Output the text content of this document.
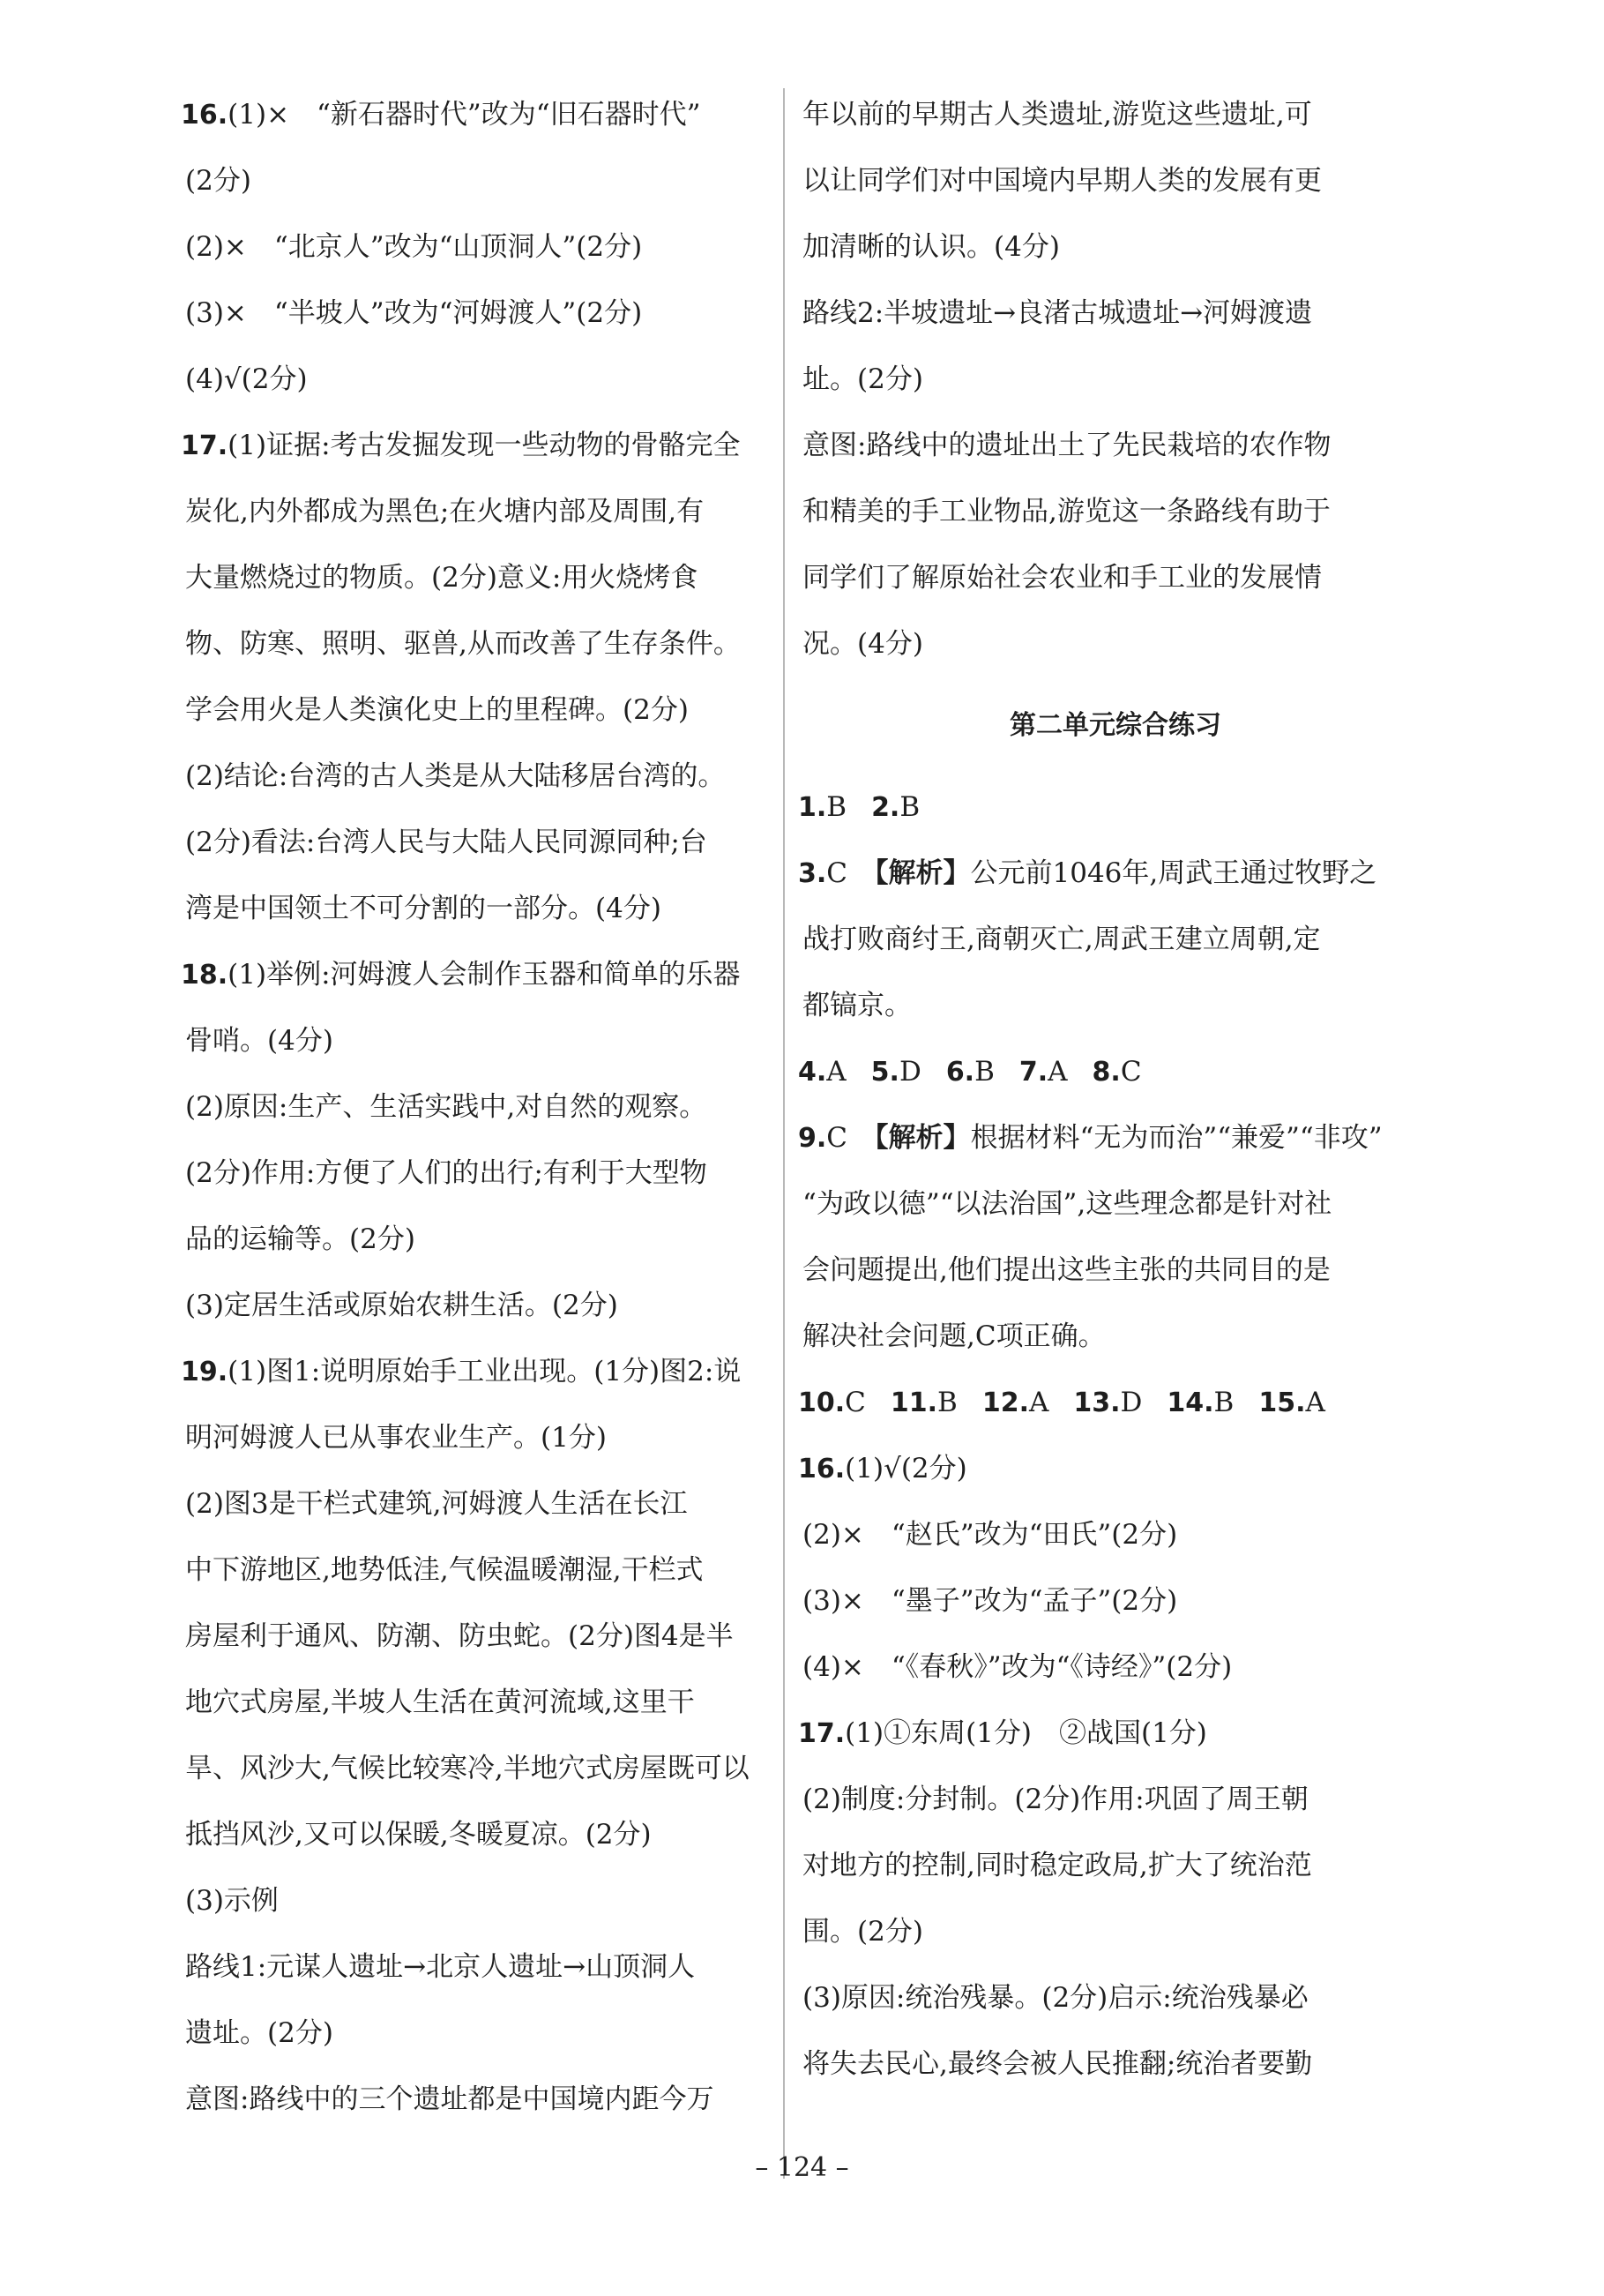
16.(1)×　“新石器时代”改为“旧石器时代”
(2分)
(2)×　“北京人”改为“山顶洞人”(2分)
(3)×　“半坡人”改为“河姆渡人”(2分)
(4)√(2分)
17.(1)证据:考古发掘发现一些动物的骨骼完全
炭化,内外都成为黑色;在火塘内部及周围,有
大量燃烧过的物质。(2分)意义:用火烧烤食
物、防寒、照明、驱兽,从而改善了生存条件。
学会用火是人类演化史上的里程碑。(2分)
(2)结论:台湾的古人类是从大陆移居台湾的。
(2分)看法:台湾人民与大陆人民同源同种;台
湾是中国领土不可分割的一部分。(4分)
18.(1)举例:河姆渡人会制作玉器和简单的乐器
骨哨。(4分)
(2)原因:生产、生活实践中,对自然的观察。
(2分)作用:方便了人们的出行;有利于大型物
品的运输等。(2分)
(3)定居生活或原始农耕生活。(2分)
19.(1)图1:说明原始手工业出现。(1分)图2:说
明河姆渡人已从事农业生产。(1分)
(2)图3是干栏式建筑,河姆渡人生活在长江
中下游地区,地势低洼,气候温暖潮湿,干栏式
房屋利于通风、防潮、防虫蛇。(2分)图4是半
地穴式房屋,半坡人生活在黄河流域,这里干
旱、风沙大,气候比较寒冷,半地穴式房屋既可以
抵挡风沙,又可以保暖,冬暖夏凉。(2分)
(3)示例
路线1:元谋人遗址→北京人遗址→山顶洞人
遗址。(2分)
意图:路线中的三个遗址都是中国境内距今万
年以前的早期古人类遗址,游览这些遗址,可
以让同学们对中国境内早期人类的发展有更
加清晰的认识。(4分)
路线2:半坡遗址→良渚古城遗址→河姆渡遗
址。(2分)
意图:路线中的遗址出土了先民栽培的农作物
和精美的手工业物品,游览这一条路线有助于
同学们了解原始社会农业和手工业的发展情
况。(4分)
第二单元综合练习
1.B 2.B
3.C　 【解析】公元前1046年,周武王通过牧野之
战打败商纣王,商朝灭亡,周武王建立周朝,定
都镐京。
4.A 5.D 6.B 7.A 8.C
9.C　 【解析】根据材料“无为而治”“兼爱”“非攻”
“为政以德”“以法治国”,这些理念都是针对社
会问题提出,他们提出这些主张的共同目的是
解决社会问题,C项正确。
10.C 11.B 12.A 13.D 14.B 15.A
16.(1)√(2分)
(2)×　“赵氏”改为“田氏”(2分)
(3)×　“墨子”改为“孟子”(2分)
(4)×　“《春秋》”改为“《诗经》”(2分)
17.(1)①东周(1分)　②战国(1分)
(2)制度:分封制。(2分)作用:巩固了周王朝
对地方的控制,同时稳定政局,扩大了统治范
围。(2分)
(3)原因:统治残暴。(2分)启示:统治残暴必
将失去民心,最终会被人民推翻;统治者要勤
– 124 –
